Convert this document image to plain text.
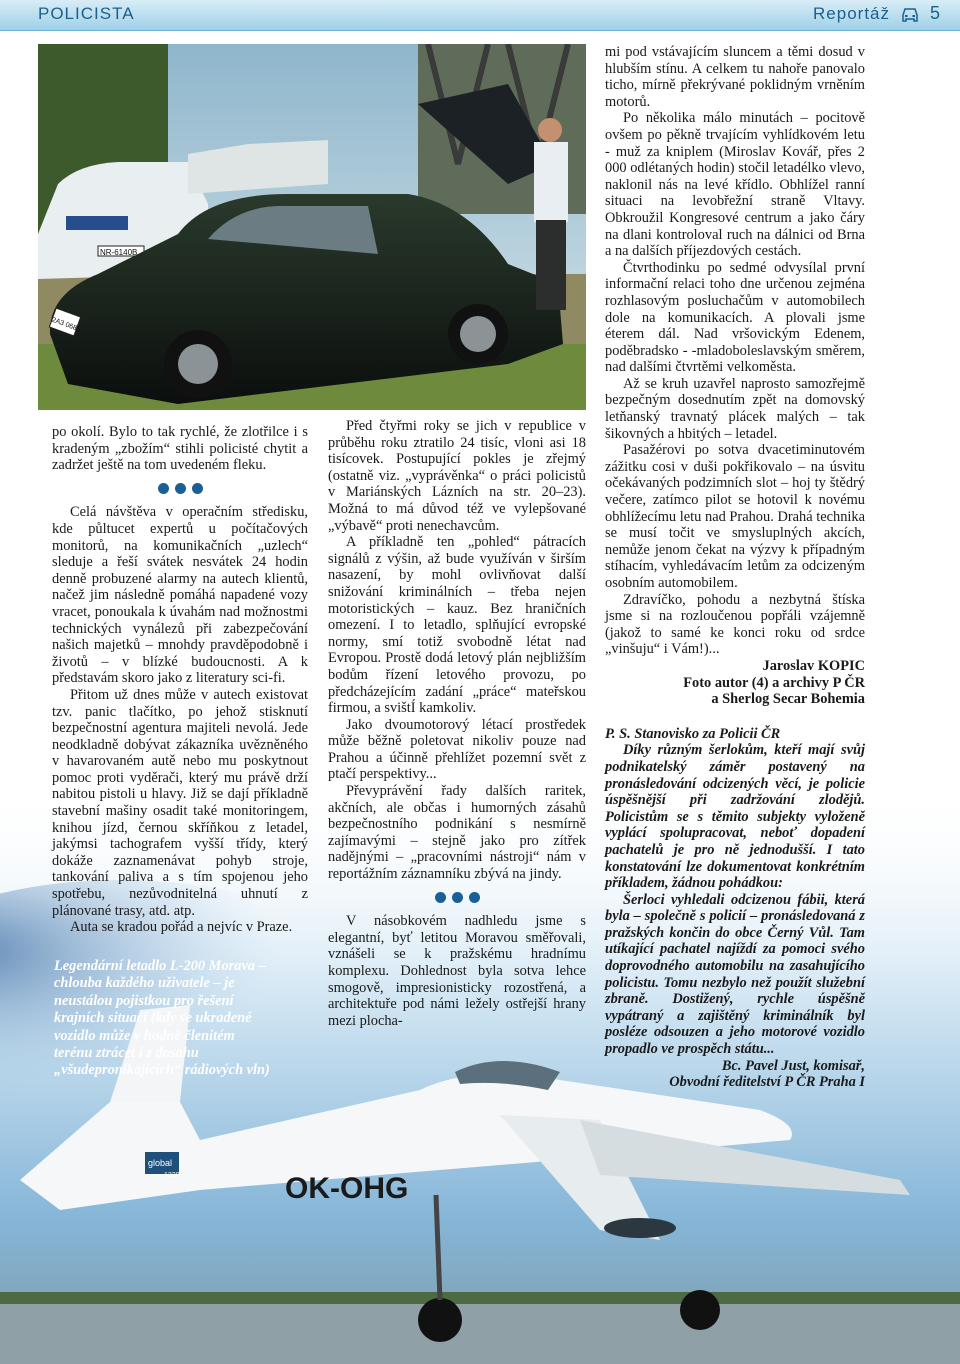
POLICISTA	Reportáž 5
NR-6140B
2A3 0680
global
1220	OK-OHG

po okolí. Bylo to tak rychlé, že zlotřilce i s kradeným „zbožím“ stihli policisté chytit a zadržet ještě na tom uvedeném fleku.

Celá návštěva v operačním středisku, kde půltucet expertů u počítačových monitorů, na komunikačních „uzlech“ sleduje a řeší svátek nesvátek 24 hodin denně probuzené alarmy na autech klientů, načež jim následně pomáhá napadené vozy vracet, ponoukala k úvahám nad možnostmi technických vynálezů při zabezpečování našich majetků – mnohdy pravděpodobně i životů – v blízké budoucnosti. A k představám skoro jako z literatury sci-fi.

Přitom už dnes může v autech existovat tzv. panic tlačítko, po jehož stisknutí bezpečnostní agentura majiteli nevolá. Jede neodkladně dobývat zákazníka uvězněného v havarovaném autě nebo mu poskytnout pomoc proti vyděrači, který mu právě drží nabitou pistoli u hlavy. Již se dají příkladně stavební mašiny osadit také monitoringem, knihou jízd, černou skříňkou z letadel, jakýmsi tachografem vyšší třídy, který dokáže zaznamenávat pohyb stroje, tankování paliva a s tím spojenou jeho spotřebu, nezůvodnitelná uhnutí z plánované trasy, atd. atp.

Auta se kradou pořád a nejvíc v Praze.

Legendární letadlo L-200 Morava – chlouba každého uživatele – je neustálou pojistkou pro řešení krajních situací (kdy se ukradené vozidlo může v hodně členitém terénu ztrácet i z dosahu „všudepronikajících“ rádiových vln)

Před čtyřmi roky se jich v republice v průběhu roku ztratilo 24 tisíc, vloni asi 18 tisícovek. Postupující pokles je zřejmý (ostatně viz. „vyprávěnka“ o práci policistů v Mariánských Lázních na str. 20–23). Možná to má důvod též ve vylepšované „výbavě“ proti nenechavcům.

A příkladně ten „pohled“ pátracích signálů z výšin, až bude využíván v širším nasazení, by mohl ovlivňovat další snižování kriminálních – třeba nejen motoristických – kauz. Bez hraničních omezení. I to letadlo, splňující evropské normy, smí totiž svobodně létat nad Evropou. Prostě dodá letový plán nejbližším bodům řízení letového provozu, po předcházejícím zadání „práce“ mateřskou firmou, a svištÍ kamkoliv.

Jako dvoumotorový létací prostředek může běžně poletovat nikoliv pouze nad Prahou a účinně přehlížet pozemní svět z ptačí perspektivy...

Převyprávění řady dalších raritek, akčních, ale občas i humorných zásahů bezpečnostního podnikání s nesmírně zajímavými – stejně jako pro zítřek nadějnými – „pracovními nástroji“ nám v reportážním záznamníku zbývá na jindy.

V násobkovém nadhledu jsme s elegantní, byť letitou Moravou směřovali, vznášeli se k pražskému hradnímu komplexu. Dohlednost byla sotva lehce smogově, impresionisticky rozostřená, a architektuře pod námi ležely ostřejší hrany mezi plocha-

mi pod vstávajícím sluncem a těmi dosud v hlubším stínu. A celkem tu nahoře panovalo ticho, mírně překrývané poklidným vrněním motorů.

Po několika málo minutách – pocitově ovšem po pěkně trvajícím vyhlídkovém letu - muž za kniplem (Miroslav Kovář, přes 2 000 odlétaných hodin) stočil letadélko vlevo, naklonil nás na levé křídlo. Obhlížel ranní situaci na levobřežní straně Vltavy. Obkroužil Kongresové centrum a jako čáry na dlani kontroloval ruch na dálnici od Brna a na dalších příjezdových cestách.

Čtvrthodinku po sedmé odvysílal první informační relaci toho dne určenou zejména rozhlasovým posluchačům v automobilech dole na komunikacích. A plovali jsme éterem dál. Nad vršovickým Edenem, poděbradsko - -mladoboleslavským směrem, nad dalšími čtvrtěmi velkoměsta.

Až se kruh uzavřel naprosto samozřejmě bezpečným dosednutím zpět na domovský letňanský travnatý plácek malých – tak šikovných a hbitých – letadel.

Pasažérovi po sotva dvacetiminutovém zážitku cosi v duši pokřikovalo – na úsvitu očekávaných podzimních slot – hoj ty štědrý večere, zatímco pilot se hotovil k novému obhlížecímu letu nad Prahou. Drahá technika se musí točit ve smysluplných akcích, nemůže jenom čekat na výzvy k případným stíhacím, vyhledávacím letům za odcizeným osobním automobilem.

Zdravíčko, pohodu a nezbytná štíska jsme si na rozloučenou popřáli vzájemně (jakož to samé ke konci roku od srdce „vinšuju“ i Vám!)...

Jaroslav KOPIC

Foto autor (4) a archivy P ČR

a Sherlog Secar Bohemia

P. S. Stanovisko za Policii ČR

Díky různým šerlokům, kteří mají svůj podnikatelský záměr postavený na pronásledování odcizených věcí, je policie úspěšnější při zadržování zlodějů. Policistům se s těmito subjekty vyloženě vyplácí spolupracovat, neboť dopadení pachatelů je pro ně jednodušší. I tato konstatování lze dokumentovat konkrétním příkladem, žádnou pohádkou:

Šerloci vyhledali odcizenou fábii, která byla – společně s policií – pronásledovaná z pražských končin do obce Černý Vůl. Tam utíkající pachatel najíždí za pomoci svého doprovodného automobilu na zasahujícího policistu. Tomu nezbylo než použít služební zbraně. Dostižený, rychle úspěšně vypátraný a zajištěný kriminálník byl posléze odsouzen a jeho motorové vozidlo propadlo ve prospěch státu...

Bc. Pavel Just, komisař,

Obvodní ředitelství P ČR Praha I
